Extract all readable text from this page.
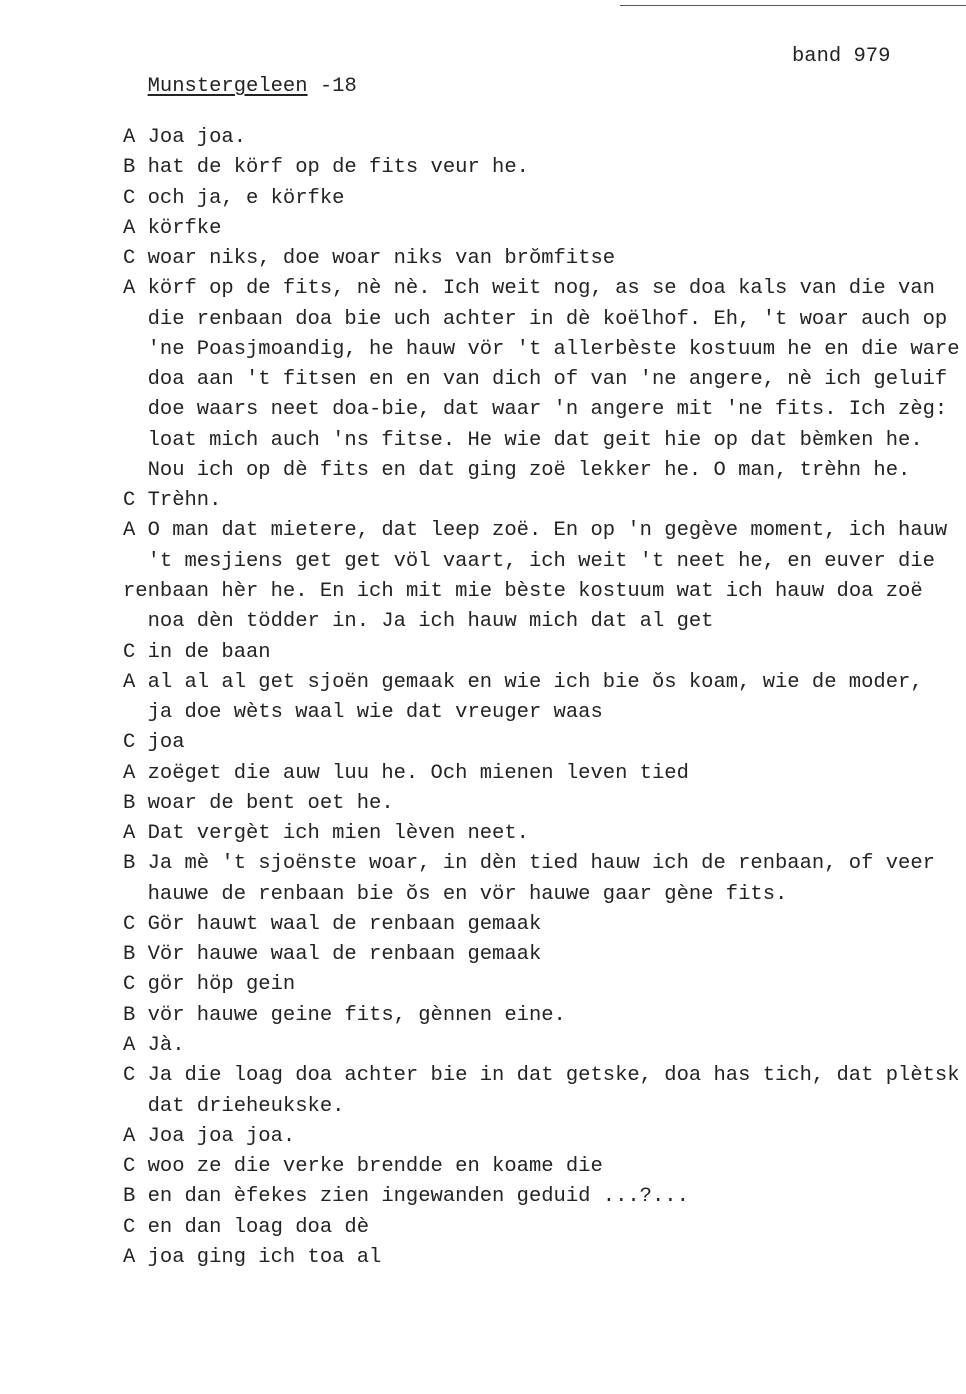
Munstergeleen -18

band 979

A Joa joa.
B hat de körf op de fits veur he.
C och ja, e körfke
A körfke
C woar niks, doe woar niks van brŏmfitse
A körf op de fits, nè nè. Ich weit nog, as se doa kals van die van
die renbaan doa bie uch achter in dè koëlhof. Eh, 't woar auch op
'ne Poasjmoandig, he hauw vör 't allerbèste kostuum he en die ware
doa aan 't fitsen en en van dich of van 'ne angere, nè ich geluif
doe waars neet doa-bie, dat waar 'n angere mit 'ne fits. Ich zèg:
loat mich auch 'ns fitse. He wie dat geit hie op dat bèmken he.
Nou ich op dè fits en dat ging zoë lekker he. O man, trèhn he.
C Trèhn.
A O man dat mietere, dat leep zoë. En op 'n gegève moment, ich hauw
't mesjiens get get völ vaart, ich weit 't neet he, en euver die
renbaan hèr he. En ich mit mie bèste kostuum wat ich hauw doa zoë
noa dèn tödder in. Ja ich hauw mich dat al get
C in de baan
A al al al get sjoën gemaak en wie ich bie ŏs koam, wie de moder,
ja doe wèts waal wie dat vreuger waas
C joa
A zoëget die auw luu he. Och mienen leven tied
B woar de bent oet he.
A Dat vergèt ich mien lèven neet.
B Ja mè 't sjoënste woar, in dèn tied hauw ich de renbaan, of veer
hauwe de renbaan bie ŏs en vör hauwe gaar gène fits.
C Gör hauwt waal de renbaan gemaak
B Vör hauwe waal de renbaan gemaak
C gör höp gein
B vör hauwe geine fits, gènnen eine.
A Jà.
C Ja die loag doa achter bie in dat getske, doa has tich, dat plètsk
dat drieheukske.
A Joa joa joa.
C woo ze die verke brendde en koame die
B en dan èfekes zien ingewanden geduid ...?...
C en dan loag doa dè
A joa ging ich toa al
